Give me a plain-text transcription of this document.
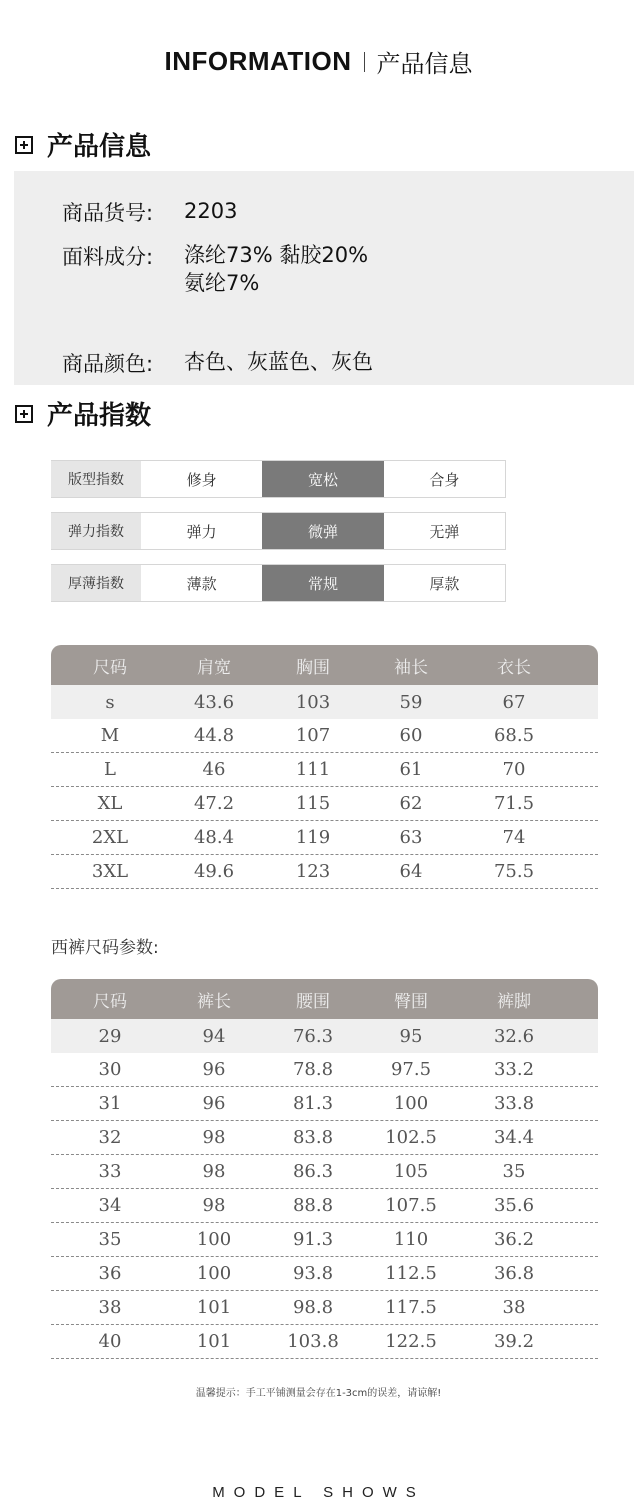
INFORMATION 产品信息
产品信息
商品货号:	2203
面料成分:	涤纶73% 黏胶20%
氨纶7%
商品颜色:	杏色、灰蓝色、灰色
产品指数
版型指数	修身	宽松	合身
弹力指数	弹力	微弹	无弹
厚薄指数	薄款	常规	厚款
尺码	肩宽	胸围	袖长	衣长
s	43.6	103	59	67
M	44.8	107	60	68.5
L	46	111	61	70
XL	47.2	115	62	71.5
2XL	48.4	119	63	74
3XL	49.6	123	64	75.5
西裤尺码参数:
尺码	裤长	腰围	臀围	裤脚
29	94	76.3	95	32.6
30	96	78.8	97.5	33.2
31	96	81.3	100	33.8
32	98	83.8	102.5	34.4
33	98	86.3	105	35
34	98	88.8	107.5	35.6
35	100	91.3	110	36.2
36	100	93.8	112.5	36.8
38	101	98.8	117.5	38
40	101	103.8	122.5	39.2
温馨提示：手工平铺测量会存在1-3cm的误差，请谅解!
MODEL SHOWS
